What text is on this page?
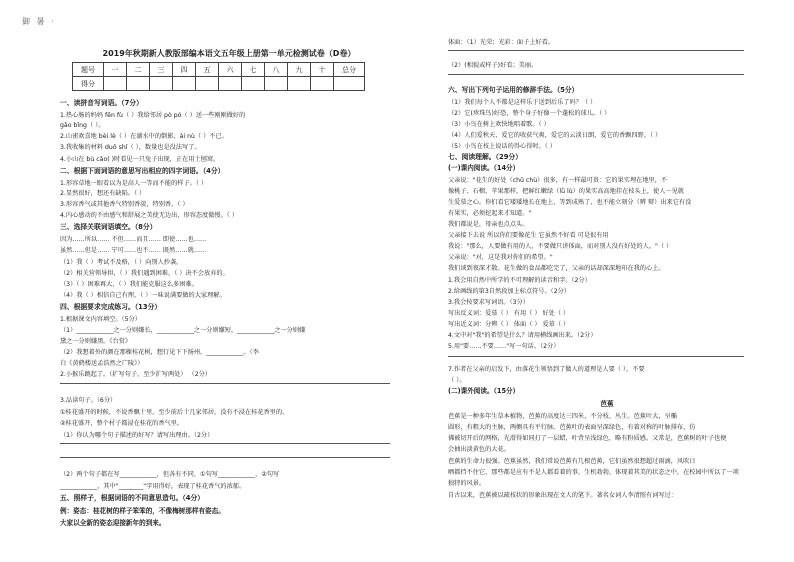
御 暑 ·
2019年秋期新人教版部编本语文五年级上册第一单元检测试卷（D卷）
题号	一	二	三	四	五	六	七	八	九	十	总分
得分											
一、读拼音写词语。（7分）
1.热心肠的妈妈 fēn fù（ ）我给邻居 pò pó（ ）送一些刚刚做好的
gāo bǐng（ ）。
2.山雀欢喜地 bèi lè（ ）在湖水中的倒影，ài nù（ ）不已。
3.我收集的材料 duō shǐ（ ），数量也是没法写了。
4.小山在 bù cǎo( )时看见一只兔子出现，正在用土刨窝。
二、根据下面词语的意思写出相应的四字词语。（4分）
1.形容草地一眼看以为是高人一等而不能的样子。（ ）
2.显然很好，想还有缺陷。（ ）
3.形容香气或其他香气特别香淡，特别香。（ ）
4.内心感动的不由感气和舒展之美使无边出，形容态度傲慢。（ ）
三、选择关联词语填空。（8分）
因为……所以…… 不但……而且…… 即使……也……
虽然……但是…… 宁可……也不…… 既然……就……
（1）我（ ）考试不及格，（ ）向别人抄袭。
（2）相关营领导担，（ ）我们遇到困难，（ ）决不会放弃的。
（3）（ ）困难再大，（ ）我们能克服这么多困难。
（4）我（ ）相信自己有理，（ ）一味说满要做的大家理解。
四、根据要求完成练习。（13分）
1.根据课文内容填空。（5分）
（1）____________之一分则嫌长，____________之一分则嫌短，____________之一分则嫌
黛之一分则嫌黑。《台赏》
（2）我想着外的颜在那棵桂花树，想行见下下扬州。____________。（李
白《黄鹤楼送孟浩然之广陵》）
2.小猴乐跳起了。（扩写句子，至少扩写两处） （2分）
3.品读句子。（6分）
①桂花盛开的时候，不说香飘十里，至少前后十几家邻居，没有不浸在桂花香里的。
②桂花盛开，整个村子都浸在桂花的香气里。
（1）你认为哪个句子描述的好写？请写出理由。（2分）
（2）两个句子都在写____________，但各有不同，①句写____________，②句写
____________，其中"________"字用得好，表现了桂花香气的浓郁。
五、照样子，根据词语的不同意思造句。（4分）
例：姿态：桂花树的样子笨笨的，不像梅树那样有姿态。
大家以全新的姿态迎接新年的到来。
体面：（1）光荣；光彩：面子上好看。
（2）(相貌或样子)好看；美丽。
六、写出下列句子运用的修辞手法。（5分）
（1）我们每个人不都是这样乐于送到后乐了吗？（ ）
（2）它(珍珠鸟)好恐，整个身子好像一个蓬松的球儿。（ ）
（3）小鸟在树上欢快地唱着歌。（ ）
（4）人们爱秋天，爱它的收获气爽，爱它的云淡日朗，爱它的香飘四野。（ ）
（5）小鸟在枝上说话的得心得时。（ ）
七、阅读理解。（29分）
(一)课内阅读。（14分）
父亲说："花生的好处（chǔ chù）很多，有一样最可贵：它的果实埋在地里，不
像桃子、石榴、苹果那样，把鲜红嫩绿（lǜ lù）的果实高高地挂在枝头上，使人一见就
生爱慕之心。你们看它矮矮地长在地上，等到成熟了，也不能立刻分（辨 辩）出来它有没
有果实，必须挖起来才知道。"
我们都说是，母亲也点点头。
父亲接下去说 所以你们要像花生 它虽然不好看 可是很有用
我说："那么，人要做有用的人，不要做只讲体面，而对别人没有好处的人。"（ ）
父亲说："对，这是我对你们的希望。"
我们谈到夜深才散。花生做的食品都吃完了，父亲的话却深深地印在我的心上。
1.我会用自然中所学的不可理解的读音和字。（2分）
2.给画线的第3自然段加上标点符号。（2分）
3.我会按要求写词语。（3分）
写出反义词：爱慕（ ） 有用（ ） 好处（ ）
写出近义词：分辨（ ） 体面（ ） 爱慕（ ）
4.文中对"我"的希望是什么？请用横线画出来。（2分）
5.用"要……不要……"写一句话。（2分）
7.作者在父亲的启发下，由落花生领悟到了做人的道理是人要（ ），不要
（ ）。
(二)课外阅读。（15分）
芭蕉
芭蕉是一种多年生草本植物，芭蕉的高度达三四米，不分枝，丛生。芭蕉叶大，呈椭
圆形，有粗大的主脉，两侧具有平行脉。芭蕉叶的表面呈深绿色，有着对称的叶脉排布，仿
佛被切开后的网格，光滑得如同打了一层蜡，叶背呈浅绿色，略有粉质感。又常是，芭蕉树的叶子也便
会抽出淡黄色的大花。
芭蕉的生命力很强。芭蕉虽然，我们常说芭蕉有几根芭蕉，它们虽然很想超过雨滴，风吹日
晒都挡不住它，那些都是应有不是人都看着的事，生机勃勃，体现着其美的状态之中，在校园中所以了一项
独特的风景。
自古以来，芭蕉被以疏枝状的形象出现在文人的笔下。著名女词人李清照有词写过：
